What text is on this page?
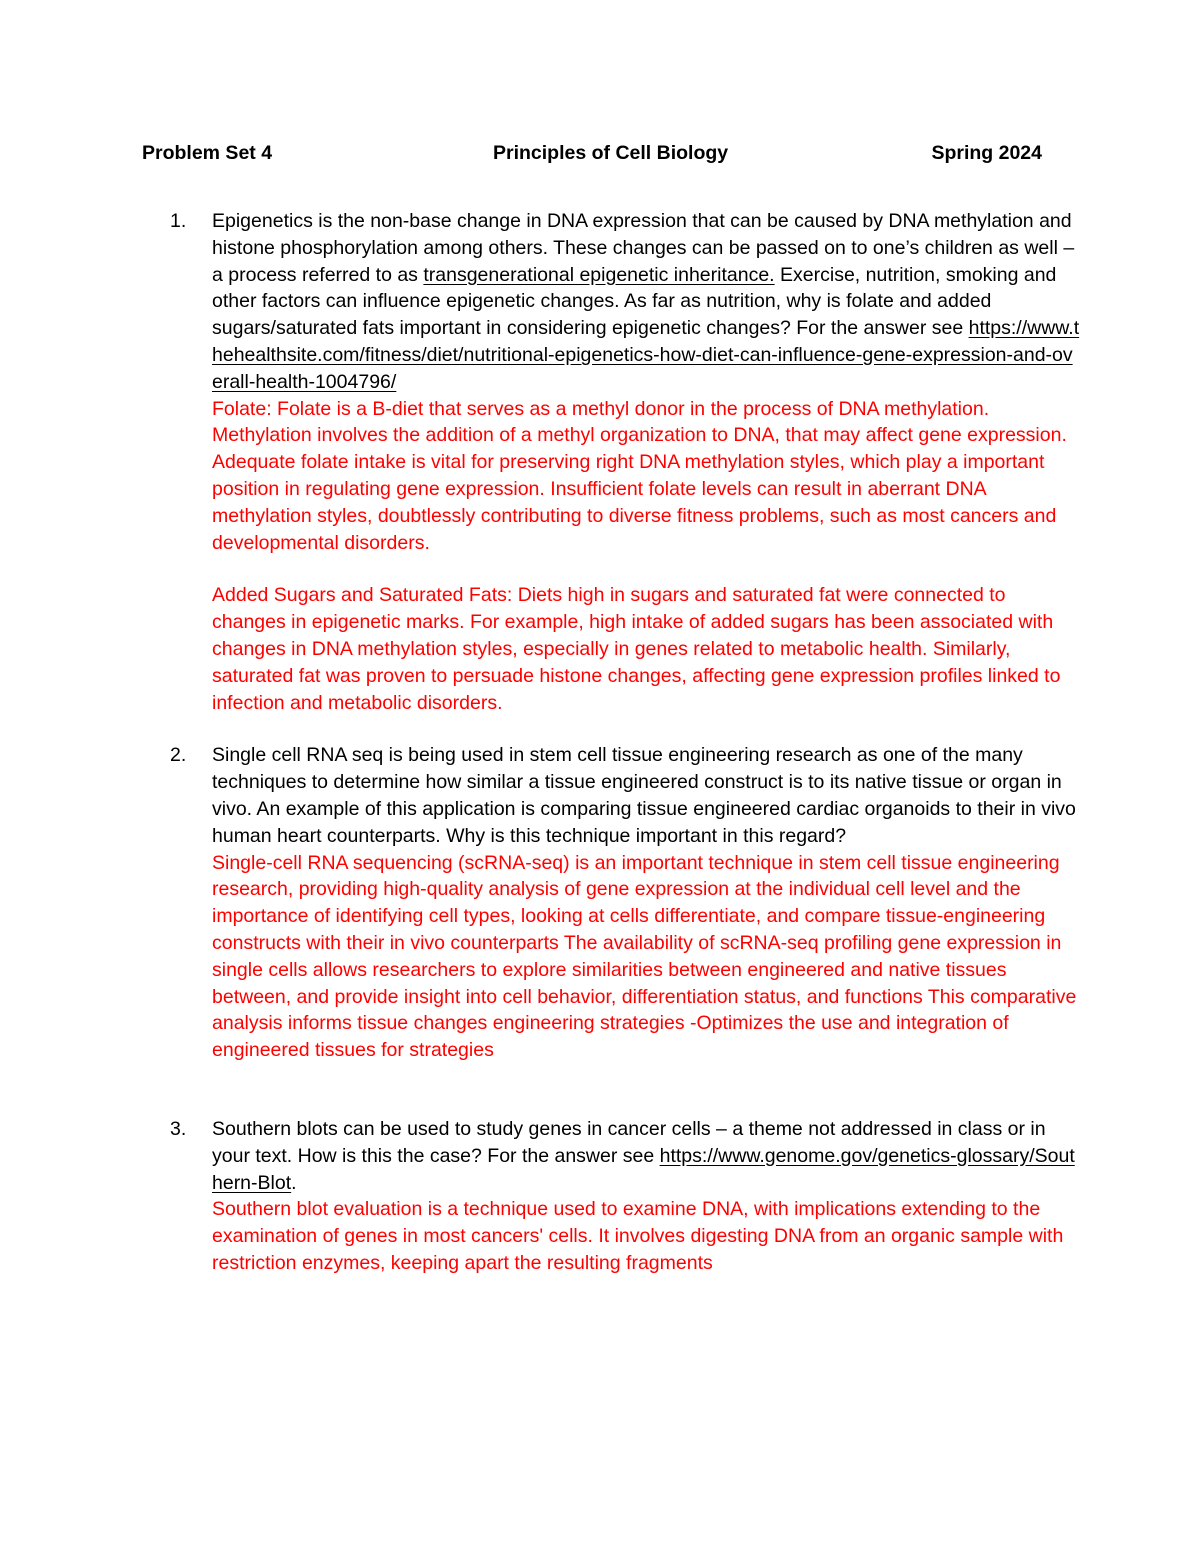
Problem Set 4	Principles of Cell Biology	Spring 2024
1. Epigenetics is the non-base change in DNA expression that can be caused by DNA methylation and histone phosphorylation among others. These changes can be passed on to one’s children as well – a process referred to as transgenerational epigenetic inheritance. Exercise, nutrition, smoking and other factors can influence epigenetic changes. As far as nutrition, why is folate and added sugars/saturated fats important in considering epigenetic changes? For the answer see https://www.thehealthsite.com/fitness/diet/nutritional-epigenetics-how-diet-can-influence-gene-expression-and-overall-health-1004796/
Folate: Folate is a B-diet that serves as a methyl donor in the process of DNA methylation. Methylation involves the addition of a methyl organization to DNA, that may affect gene expression. Adequate folate intake is vital for preserving right DNA methylation styles, which play a important position in regulating gene expression. Insufficient folate levels can result in aberrant DNA methylation styles, doubtlessly contributing to diverse fitness problems, such as most cancers and developmental disorders.
Added Sugars and Saturated Fats: Diets high in sugars and saturated fat were connected to changes in epigenetic marks. For example, high intake of added sugars has been associated with changes in DNA methylation styles, especially in genes related to metabolic health. Similarly, saturated fat was proven to persuade histone changes, affecting gene expression profiles linked to infection and metabolic disorders.
2. Single cell RNA seq is being used in stem cell tissue engineering research as one of the many techniques to determine how similar a tissue engineered construct is to its native tissue or organ in vivo. An example of this application is comparing tissue engineered cardiac organoids to their in vivo human heart counterparts. Why is this technique important in this regard?
Single-cell RNA sequencing (scRNA-seq) is an important technique in stem cell tissue engineering research, providing high-quality analysis of gene expression at the individual cell level and the importance of identifying cell types, looking at cells differentiate, and compare tissue-engineering constructs with their in vivo counterparts The availability of scRNA-seq profiling gene expression in single cells allows researchers to explore similarities between engineered and native tissues between, and provide insight into cell behavior, differentiation status, and functions This comparative analysis informs tissue changes engineering strategies -Optimizes the use and integration of engineered tissues for strategies
3. Southern blots can be used to study genes in cancer cells – a theme not addressed in class or in your text. How is this the case? For the answer see https://www.genome.gov/genetics-glossary/Southern-Blot.
Southern blot evaluation is a technique used to examine DNA, with implications extending to the examination of genes in most cancers' cells. It involves digesting DNA from an organic sample with restriction enzymes, keeping apart the resulting fragments
